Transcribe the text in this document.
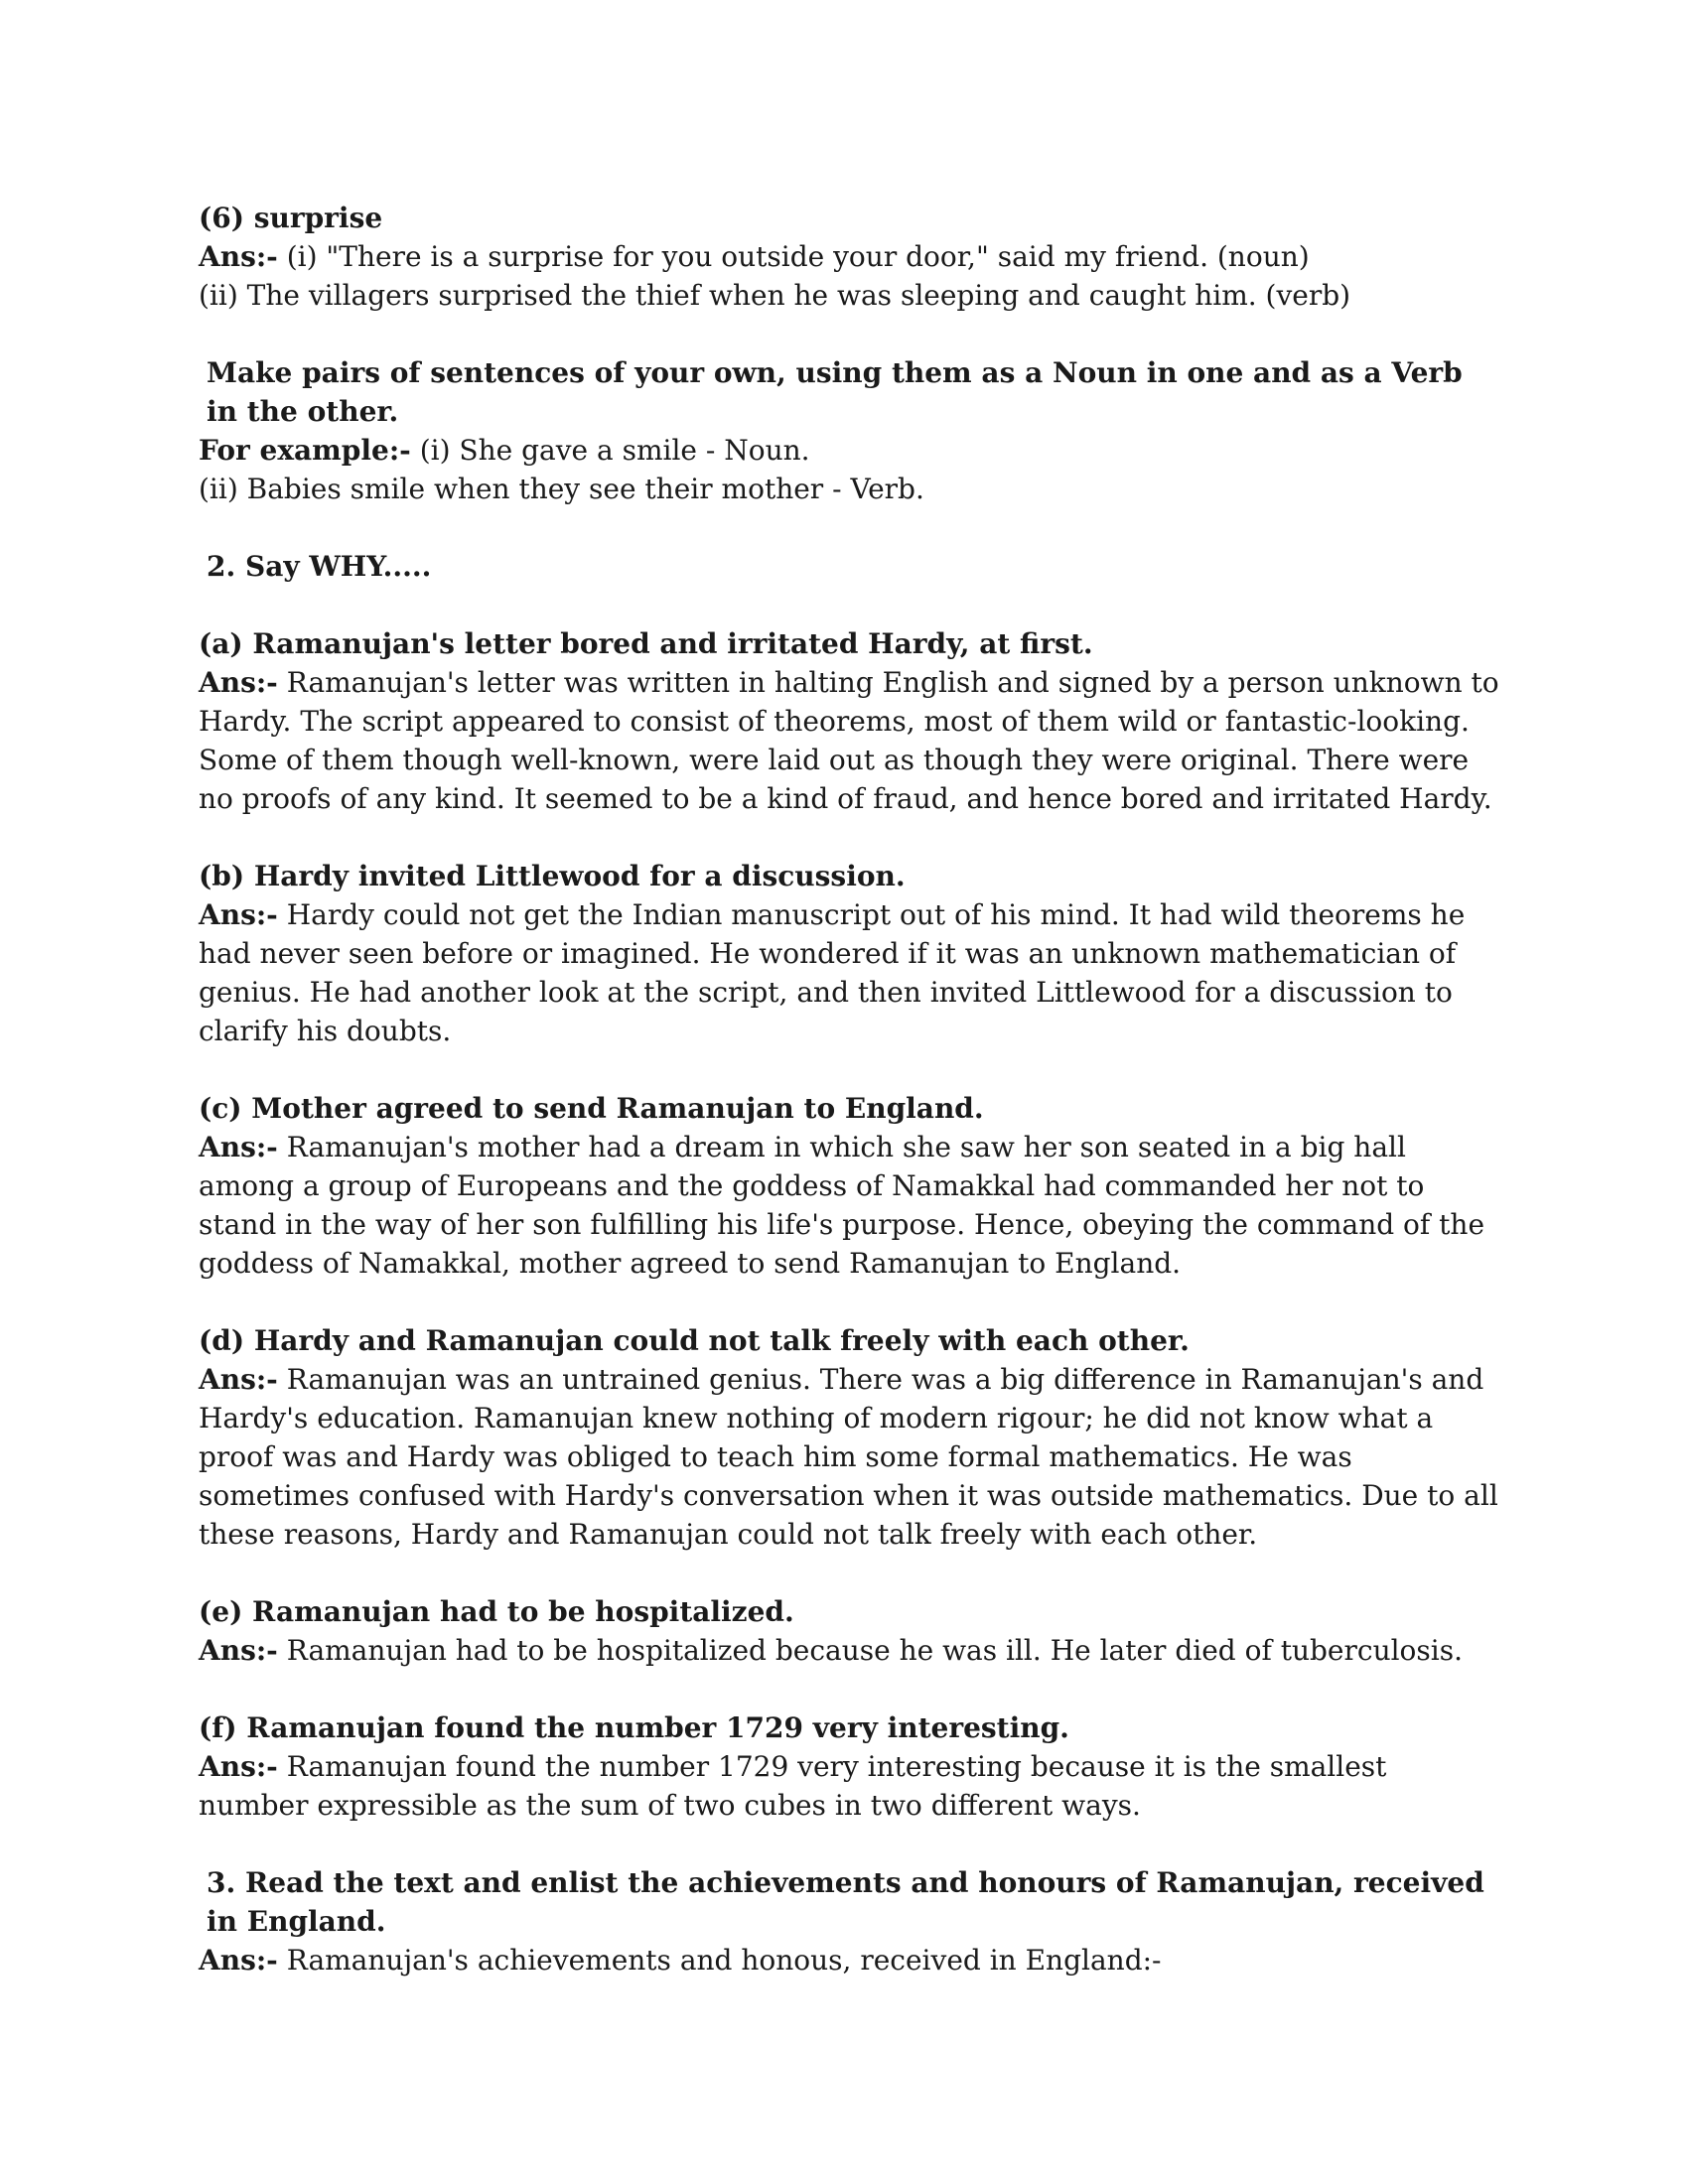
(6) surprise

Ans:- (i) "There is a surprise for you outside your door," said my friend. (noun)

(ii) The villagers surprised the thief when he was sleeping and caught him. (verb)

Make pairs of sentences of your own, using them as a Noun in one and as a Verb in the other.

For example:- (i) She gave a smile - Noun.

(ii) Babies smile when they see their mother - Verb.

2. Say WHY.....

(a) Ramanujan's letter bored and irritated Hardy, at first.

Ans:- Ramanujan's letter was written in halting English and signed by a person unknown to Hardy. The script appeared to consist of theorems, most of them wild or fantastic-looking. Some of them though well-known, were laid out as though they were original. There were no proofs of any kind. It seemed to be a kind of fraud, and hence bored and irritated Hardy.

(b) Hardy invited Littlewood for a discussion.

Ans:- Hardy could not get the Indian manuscript out of his mind. It had wild theorems he had never seen before or imagined. He wondered if it was an unknown mathematician of genius. He had another look at the script, and then invited Littlewood for a discussion to clarify his doubts.

(c) Mother agreed to send Ramanujan to England.

Ans:- Ramanujan's mother had a dream in which she saw her son seated in a big hall among a group of Europeans and the goddess of Namakkal had commanded her not to stand in the way of her son fulfilling his life's purpose. Hence, obeying the command of the goddess of Namakkal, mother agreed to send Ramanujan to England.

(d) Hardy and Ramanujan could not talk freely with each other.

Ans:- Ramanujan was an untrained genius. There was a big difference in Ramanujan's and Hardy's education. Ramanujan knew nothing of modern rigour; he did not know what a proof was and Hardy was obliged to teach him some formal mathematics. He was sometimes confused with Hardy's conversation when it was outside mathematics. Due to all these reasons, Hardy and Ramanujan could not talk freely with each other.

(e) Ramanujan had to be hospitalized.

Ans:- Ramanujan had to be hospitalized because he was ill. He later died of tuberculosis.

(f) Ramanujan found the number 1729 very interesting.

Ans:- Ramanujan found the number 1729 very interesting because it is the smallest number expressible as the sum of two cubes in two different ways.

3. Read the text and enlist the achievements and honours of Ramanujan, received in England.

Ans:- Ramanujan's achievements and honous, received in England:-
